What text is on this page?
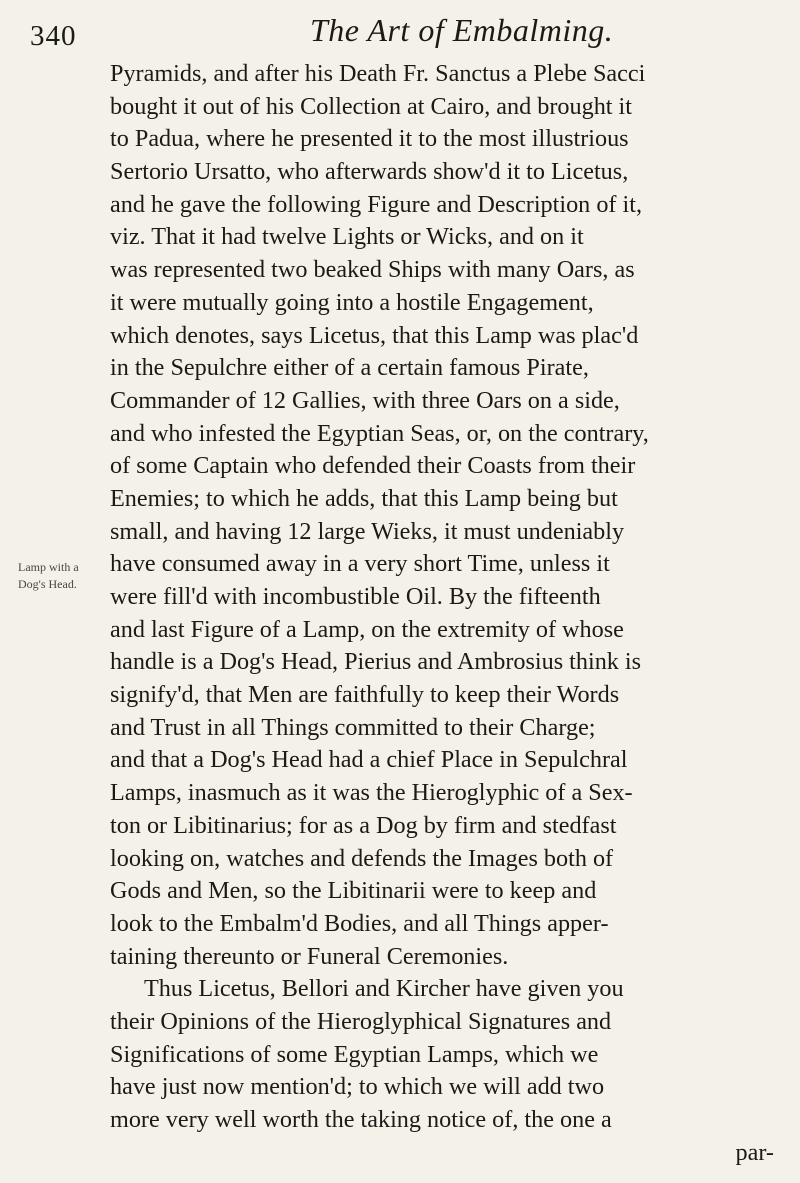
340	The Art of Embalming.
Lamp with a
Dog's Head.
Pyramids, and after his Death Fr. Sanctus a Plebe Sacci
bought it out of his Collection at Cairo, and brought it
to Padua, where he presented it to the most illustrious
Sertorio Ursatto, who afterwards show'd it to Licetus,
and he gave the following Figure and Description of it,
viz. That it had twelve Lights or Wicks, and on it
was represented two beaked Ships with many Oars, as
it were mutually going into a hostile Engagement,
which denotes, says Licetus, that this Lamp was plac'd
in the Sepulchre either of a certain famous Pirate,
Commander of 12 Gallies, with three Oars on a side,
and who infested the Egyptian Seas, or, on the contrary,
of some Captain who defended their Coasts from their
Enemies; to which he adds, that this Lamp being but
small, and having 12 large Wieks, it must undeniably
have consumed away in a very short Time, unless it
were fill'd with incombustible Oil. By the fifteenth
and last Figure of a Lamp, on the extremity of whose
handle is a Dog's Head, Pierius and Ambrosius think is
signify'd, that Men are faithfully to keep their Words
and Trust in all Things committed to their Charge;
and that a Dog's Head had a chief Place in Sepulchral
Lamps, inasmuch as it was the Hieroglyphic of a Sex-
ton or Libitinarius; for as a Dog by firm and stedfast
looking on, watches and defends the Images both of
Gods and Men, so the Libitinarii were to keep and
look to the Embalm'd Bodies, and all Things apper-
taining thereunto or Funeral Ceremonies.
Thus Licetus, Bellori and Kircher have given you
their Opinions of the Hieroglyphical Signatures and
Significations of some Egyptian Lamps, which we
have just now mention'd; to which we will add two
more very well worth the taking notice of, the one a
par-
